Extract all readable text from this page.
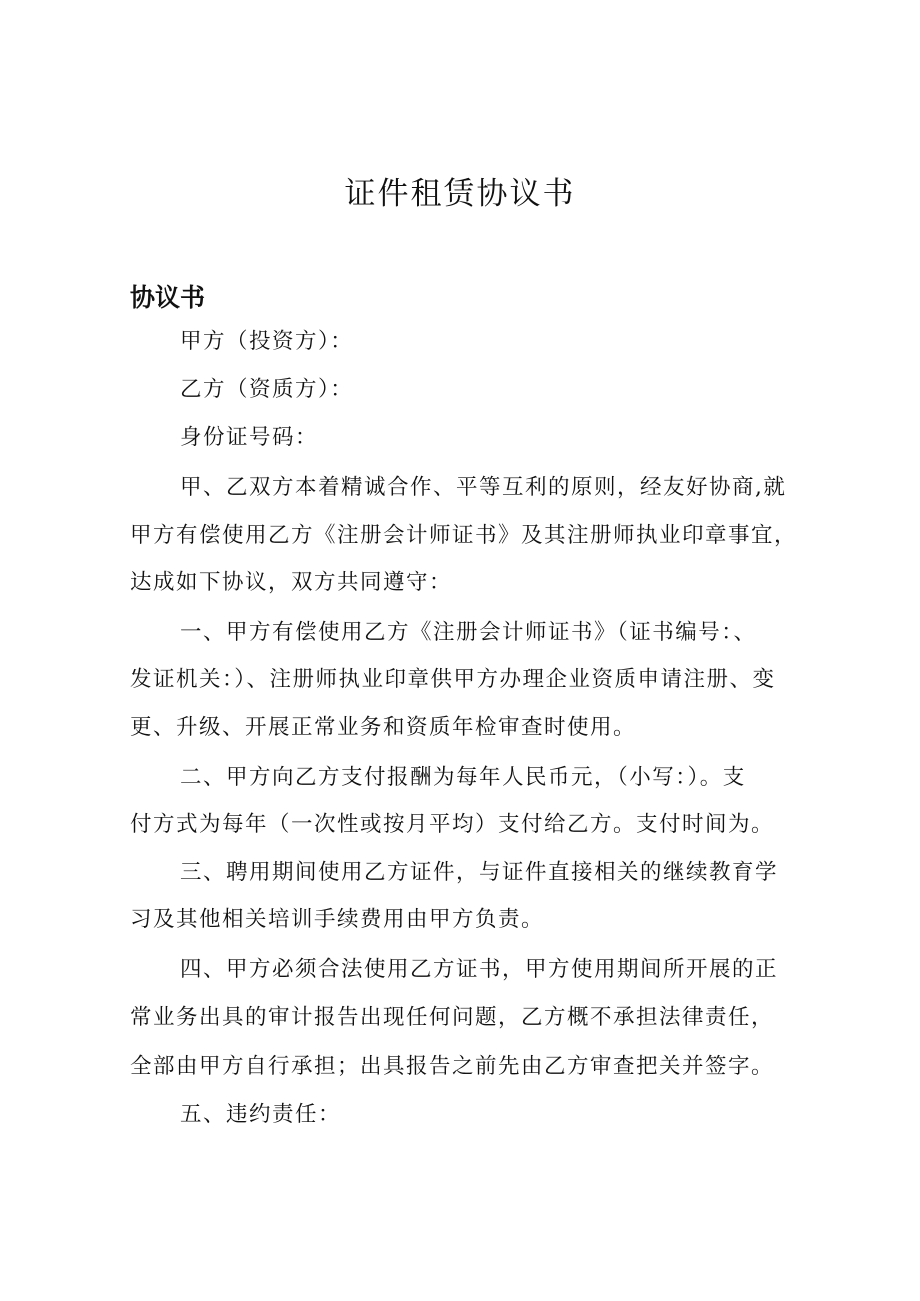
证件租赁协议书
协议书
甲方（投资方）：
乙方（资质方）：
身份证号码：
甲、乙双方本着精诚合作、平等互利的原则，经友好协商,就
甲方有偿使用乙方《注册会计师证书》及其注册师执业印章事宜，
达成如下协议，双方共同遵守：
一、甲方有偿使用乙方《注册会计师证书》（证书编号：、
发证机关：）、注册师执业印章供甲方办理企业资质申请注册、变
更、升级、开展正常业务和资质年检审查时使用。
二、甲方向乙方支付报酬为每年人民币元，（小写：）。支
付方式为每年（一次性或按月平均）支付给乙方。支付时间为。
三、聘用期间使用乙方证件，与证件直接相关的继续教育学
习及其他相关培训手续费用由甲方负责。
四、甲方必须合法使用乙方证书，甲方使用期间所开展的正
常业务出具的审计报告出现任何问题，乙方概不承担法律责任，
全部由甲方自行承担；出具报告之前先由乙方审查把关并签字。
五、违约责任：
